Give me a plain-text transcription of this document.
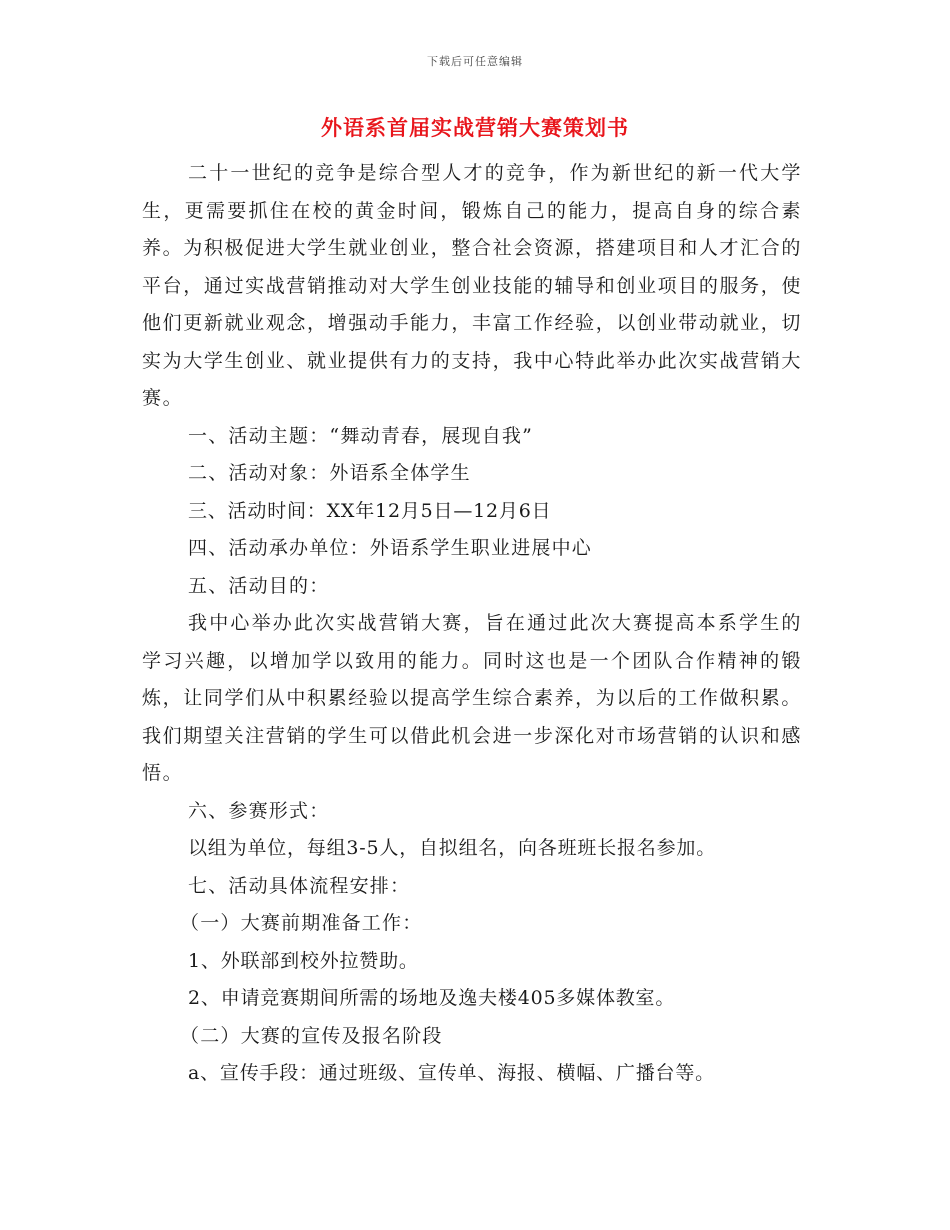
下载后可任意编辑
外语系首届实战营销大赛策划书

二十一世纪的竞争是综合型人才的竞争，作为新世纪的新一代大学生，更需要抓住在校的黄金时间，锻炼自己的能力，提高自身的综合素养。为积极促进大学生就业创业，整合社会资源，搭建项目和人才汇合的平台，通过实战营销推动对大学生创业技能的辅导和创业项目的服务，使他们更新就业观念，增强动手能力，丰富工作经验，以创业带动就业，切实为大学生创业、就业提供有力的支持，我中心特此举办此次实战营销大赛。

一、活动主题：“舞动青春，展现自我”

二、活动对象：外语系全体学生

三、活动时间：XX年12月5日—12月6日

四、活动承办单位：外语系学生职业进展中心

五、活动目的：

我中心举办此次实战营销大赛，旨在通过此次大赛提高本系学生的学习兴趣，以增加学以致用的能力。同时这也是一个团队合作精神的锻炼，让同学们从中积累经验以提高学生综合素养，为以后的工作做积累。我们期望关注营销的学生可以借此机会进一步深化对市场营销的认识和感悟。

六、参赛形式：

以组为单位，每组3-5人，自拟组名，向各班班长报名参加。

七、活动具体流程安排：

（一）大赛前期准备工作：

1、外联部到校外拉赞助。

2、申请竞赛期间所需的场地及逸夫楼405多媒体教室。

（二）大赛的宣传及报名阶段

a、宣传手段：通过班级、宣传单、海报、横幅、广播台等。
